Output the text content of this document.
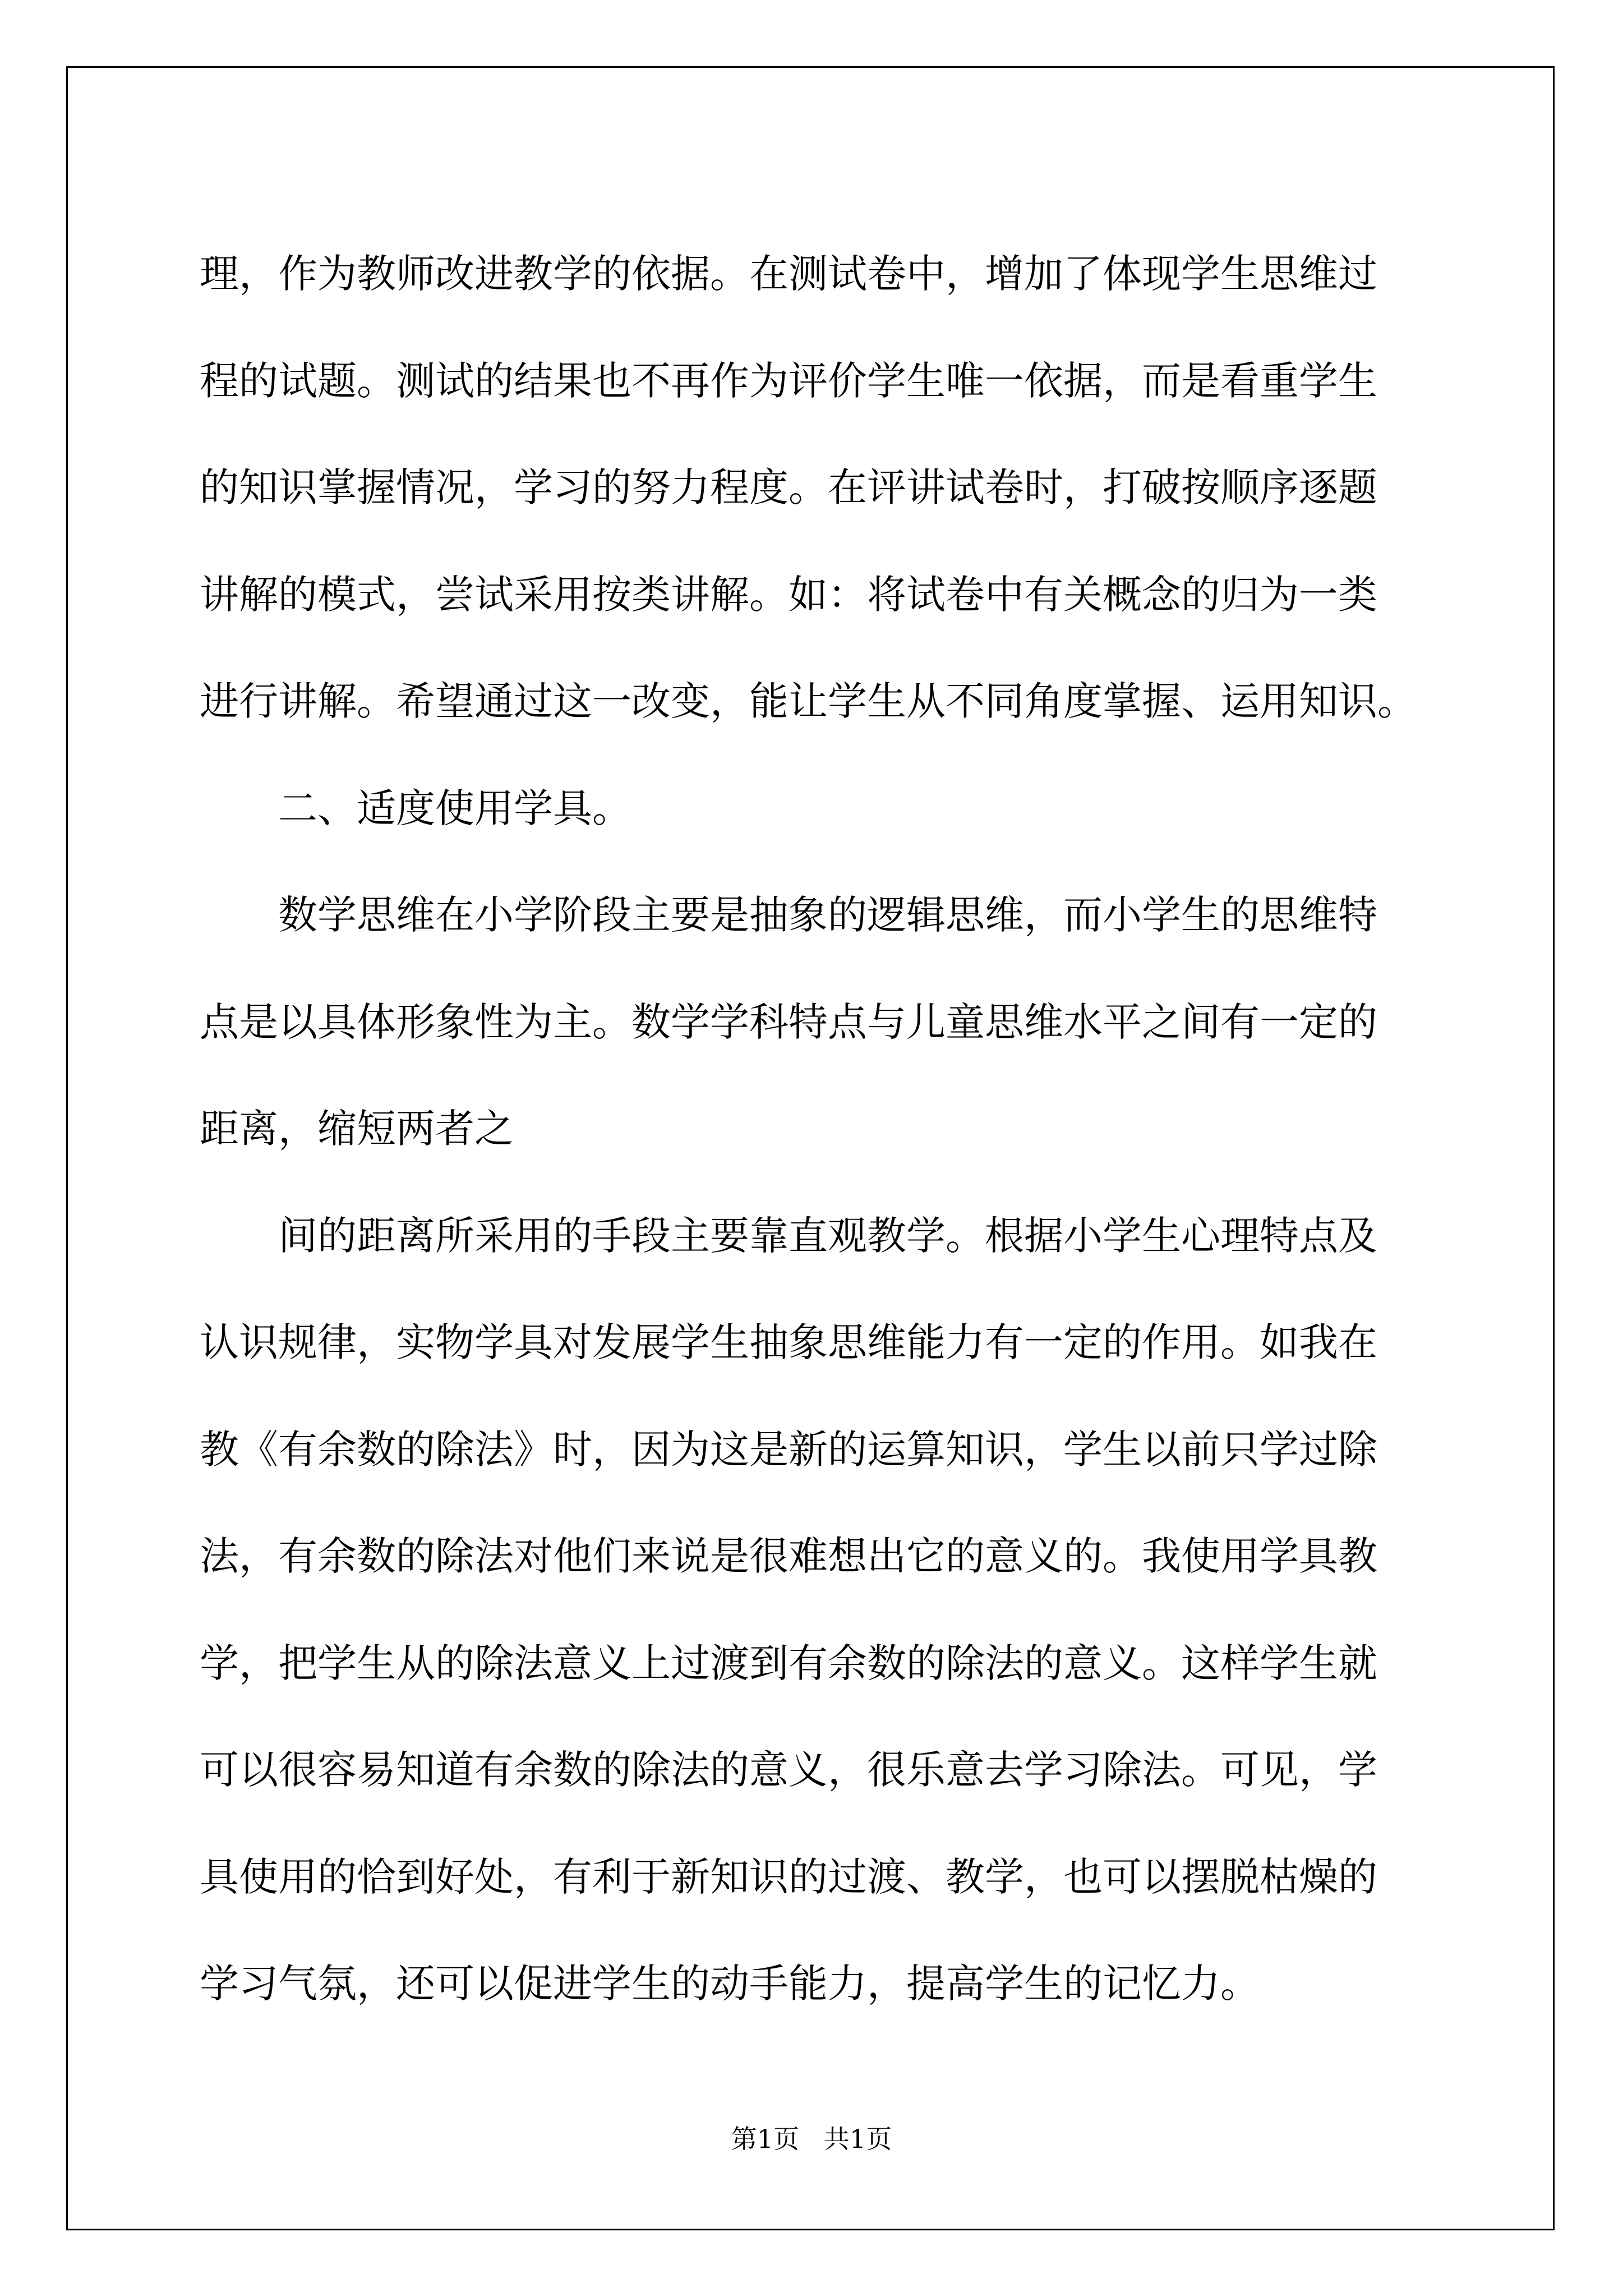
理，作为教师改进教学的依据。在测试卷中，增加了体现学生思维过
程的试题。测试的结果也不再作为评价学生唯一依据，而是看重学生
的知识掌握情况，学习的努力程度。在评讲试卷时，打破按顺序逐题
讲解的模式，尝试采用按类讲解。如：将试卷中有关概念的归为一类
进行讲解。希望通过这一改变，能让学生从不同角度掌握、运用知识。
二、适度使用学具。
数学思维在小学阶段主要是抽象的逻辑思维，而小学生的思维特
点是以具体形象性为主。数学学科特点与儿童思维水平之间有一定的
距离，缩短两者之
间的距离所采用的手段主要靠直观教学。根据小学生心理特点及
认识规律，实物学具对发展学生抽象思维能力有一定的作用。如我在
教《有余数的除法》时，因为这是新的运算知识，学生以前只学过除
法，有余数的除法对他们来说是很难想出它的意义的。我使用学具教
学，把学生从的除法意义上过渡到有余数的除法的意义。这样学生就
可以很容易知道有余数的除法的意义，很乐意去学习除法。可见，学
具使用的恰到好处，有利于新知识的过渡、教学，也可以摆脱枯燥的
学习气氛，还可以促进学生的动手能力，提高学生的记忆力。
第1页   共1页
